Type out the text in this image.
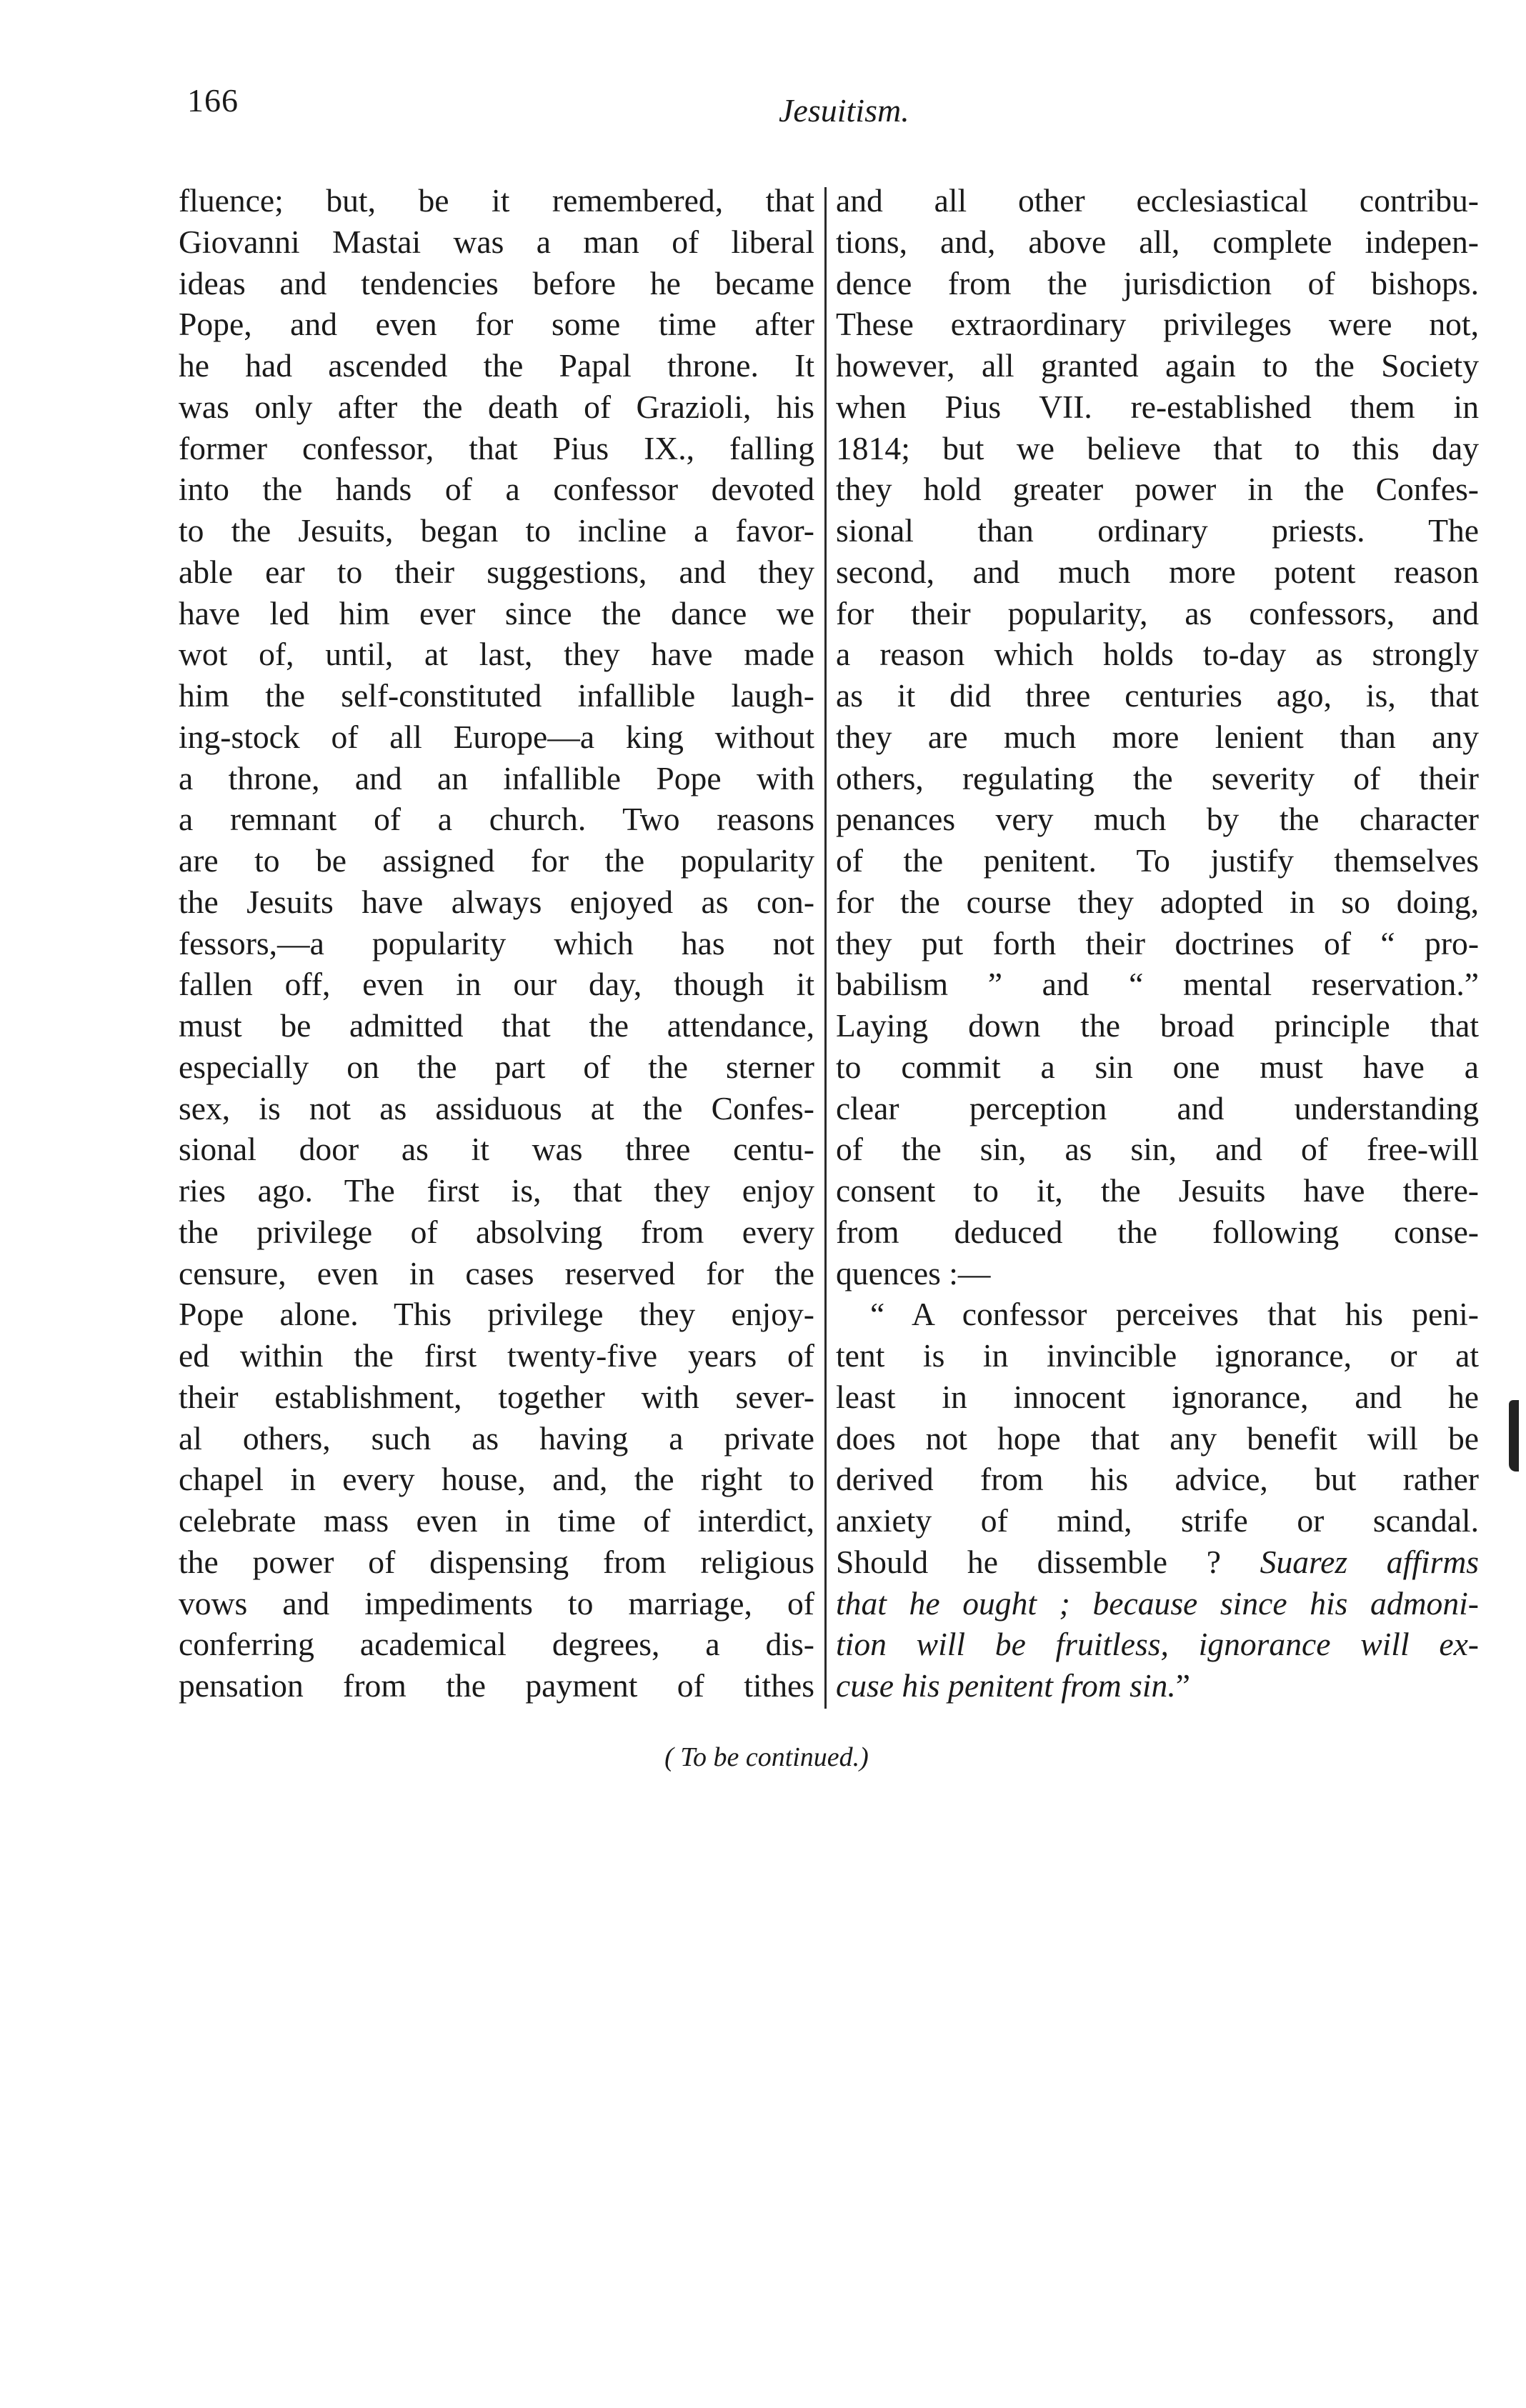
166	Jesuitism.
fluence; but, be it remembered, that
Giovanni Mastai was a man of liberal
ideas and tendencies before he became
Pope, and even for some time after
he had ascended the Papal throne. It
was only after the death of Grazioli, his
former confessor, that Pius IX., falling
into the hands of a confessor devoted
to the Jesuits, began to incline a favor-
able ear to their suggestions, and they
have led him ever since the dance we
wot of, until, at last, they have made
him the self-constituted infallible laugh-
ing-stock of all Europe—a king without
a throne, and an infallible Pope with
a remnant of a church. Two reasons
are to be assigned for the popularity
the Jesuits have always enjoyed as con-
fessors,—a popularity which has not
fallen off, even in our day, though it
must be admitted that the attendance,
especially on the part of the sterner
sex, is not as assiduous at the Confes-
sional door as it was three centu-
ries ago. The first is, that they enjoy
the privilege of absolving from every
censure, even in cases reserved for the
Pope alone. This privilege they enjoy-
ed within the first twenty-five years of
their establishment, together with sever-
al others, such as having a private
chapel in every house, and, the right to
celebrate mass even in time of interdict,
the power of dispensing from religious
vows and impediments to marriage, of
conferring academical degrees, a dis-
pensation from the payment of tithes
and all other ecclesiastical contribu-
tions, and, above all, complete indepen-
dence from the jurisdiction of bishops.
These extraordinary privileges were not,
however, all granted again to the Society
when Pius VII. re-established them in
1814; but we believe that to this day
they hold greater power in the Confes-
sional than ordinary priests. The
second, and much more potent reason
for their popularity, as confessors, and
a reason which holds to-day as strongly
as it did three centuries ago, is, that
they are much more lenient than any
others, regulating the severity of their
penances very much by the character
of the penitent. To justify themselves
for the course they adopted in so doing,
they put forth their doctrines of “ pro-
babilism ” and “ mental reservation.”
Laying down the broad principle that
to commit a sin one must have a
clear perception and understanding
of the sin, as sin, and of free-will
consent to it, the Jesuits have there-
from deduced the following conse-
quences :—
“ A confessor perceives that his peni-
tent is in invincible ignorance, or at
least in innocent ignorance, and he
does not hope that any benefit will be
derived from his advice, but rather
anxiety of mind, strife or scandal.
Should he dissemble ? Suarez affirms
that he ought ; because since his admoni-
tion will be fruitless, ignorance will ex-
cuse his penitent from sin.”
( To be continued.)
